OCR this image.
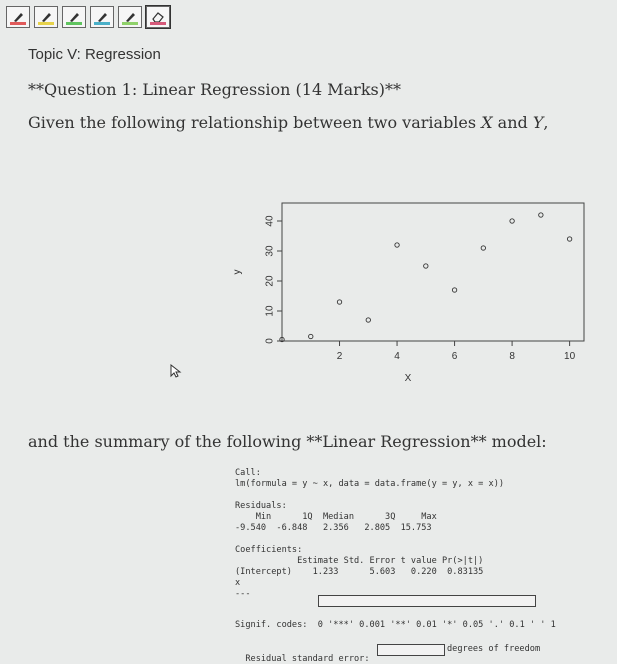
Topic V: Regression
**Question 1: Linear Regression (14 Marks)**
Given the following relationship between two variables X and Y,
2	4	6	8	10
0
10
20
30
40
X
y
and the summary of the following **Linear Regression** model:
Call:
lm(formula = y ~ x, data = data.frame(y = y, x = x))

Residuals:
Min      1Q  Median      3Q     Max
-9.540  -6.848   2.356   2.805  15.753

Coefficients:
Estimate Std. Error t value Pr(>|t|)
(Intercept)    1.233      5.603   0.220  0.83135
x
---
Signif. codes:  0 '***' 0.001 '**' 0.01 '*' 0.05 '.' 0.1 ' ' 1

Residual standard error:

degrees of freedom
